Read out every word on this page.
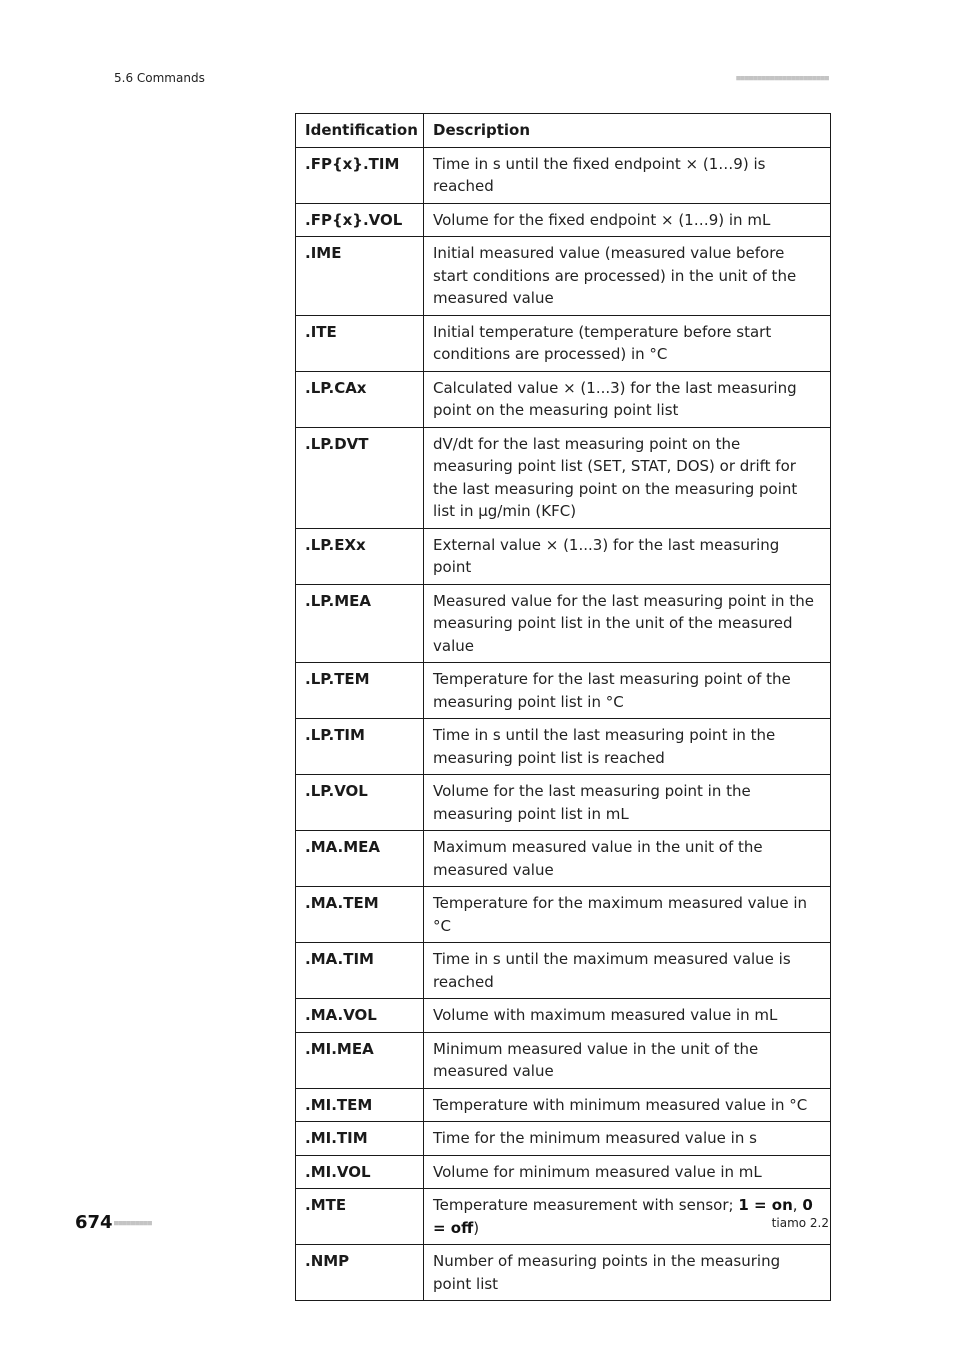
5.6 Commands	■■■■■■■■■■■■■■■■■■■■■■
Identification	Description
.FP{x}.TIM	Time in s until the fixed endpoint × (1…9) is reached
.FP{x}.VOL	Volume for the fixed endpoint × (1…9) in mL
.IME	Initial measured value (measured value before start conditions are processed) in the unit of the measured value
.ITE	Initial temperature (temperature before start conditions are processed) in °C
.LP.CAx	Calculated value × (1...3) for the last measuring point on the measuring point list
.LP.DVT	dV/dt for the last measuring point on the measuring point list (SET, STAT, DOS) or drift for the last measuring point on the measuring point list in µg/min (KFC)
.LP.EXx	External value × (1...3) for the last measuring point
.LP.MEA	Measured value for the last measuring point in the measuring point list in the unit of the measured value
.LP.TEM	Temperature for the last measuring point of the measuring point list in °C
.LP.TIM	Time in s until the last measuring point in the measuring point list is reached
.LP.VOL	Volume for the last measuring point in the measuring point list in mL
.MA.MEA	Maximum measured value in the unit of the measured value
.MA.TEM	Temperature for the maximum measured value in °C
.MA.TIM	Time in s until the maximum measured value is reached
.MA.VOL	Volume with maximum measured value in mL
.MI.MEA	Minimum measured value in the unit of the measured value
.MI.TEM	Temperature with minimum measured value in °C
.MI.TIM	Time for the minimum measured value in s
.MI.VOL	Volume for minimum measured value in mL
.MTE	Temperature measurement with sensor; 1 = on, 0 = off)
.NMP	Number of measuring points in the measuring point list
674 ■■■■■■■■■	tiamo 2.2
